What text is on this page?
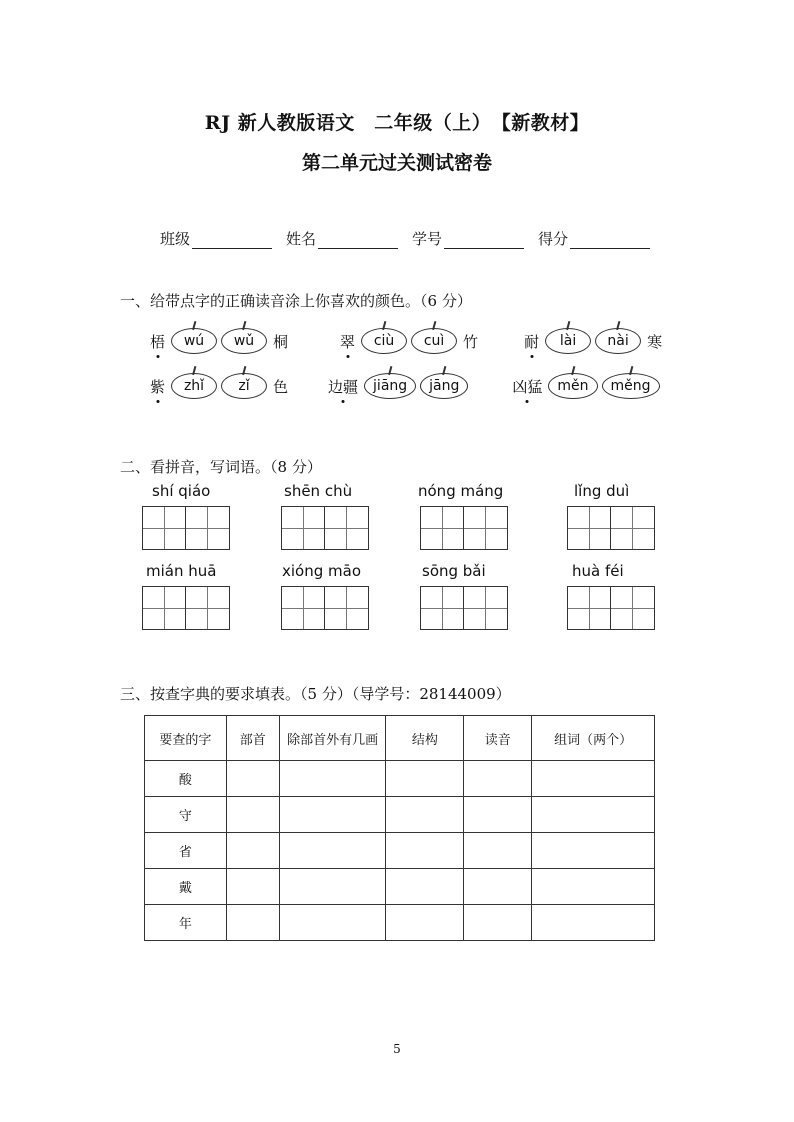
RJ 新人教版语文　二年级（上）　【新教材】
第二单元过关测试密卷
班级	姓名	学号	得分
一、给带点字的正确读音涂上你喜欢的颜色。（6 分）
梧	wú	wǔ	桐	翠	ciù	cuì	竹	耐	lài	nài	寒
紫	zhǐ	zǐ	色	边疆	jiāng	jāng	凶猛	měn	měng
二、看拼音，写词语。（8 分）
shí qiáo	shēn chù	nóng máng	lǐng duì
mián huā	xióng māo	sōng bǎi	huà féi
三、按查字典的要求填表。（5 分）（导学号：28144009）
要查的字	部首	除部首外有几画	结构	读音	组词（两个）
酸					
守					
省					
戴					
年					
5
